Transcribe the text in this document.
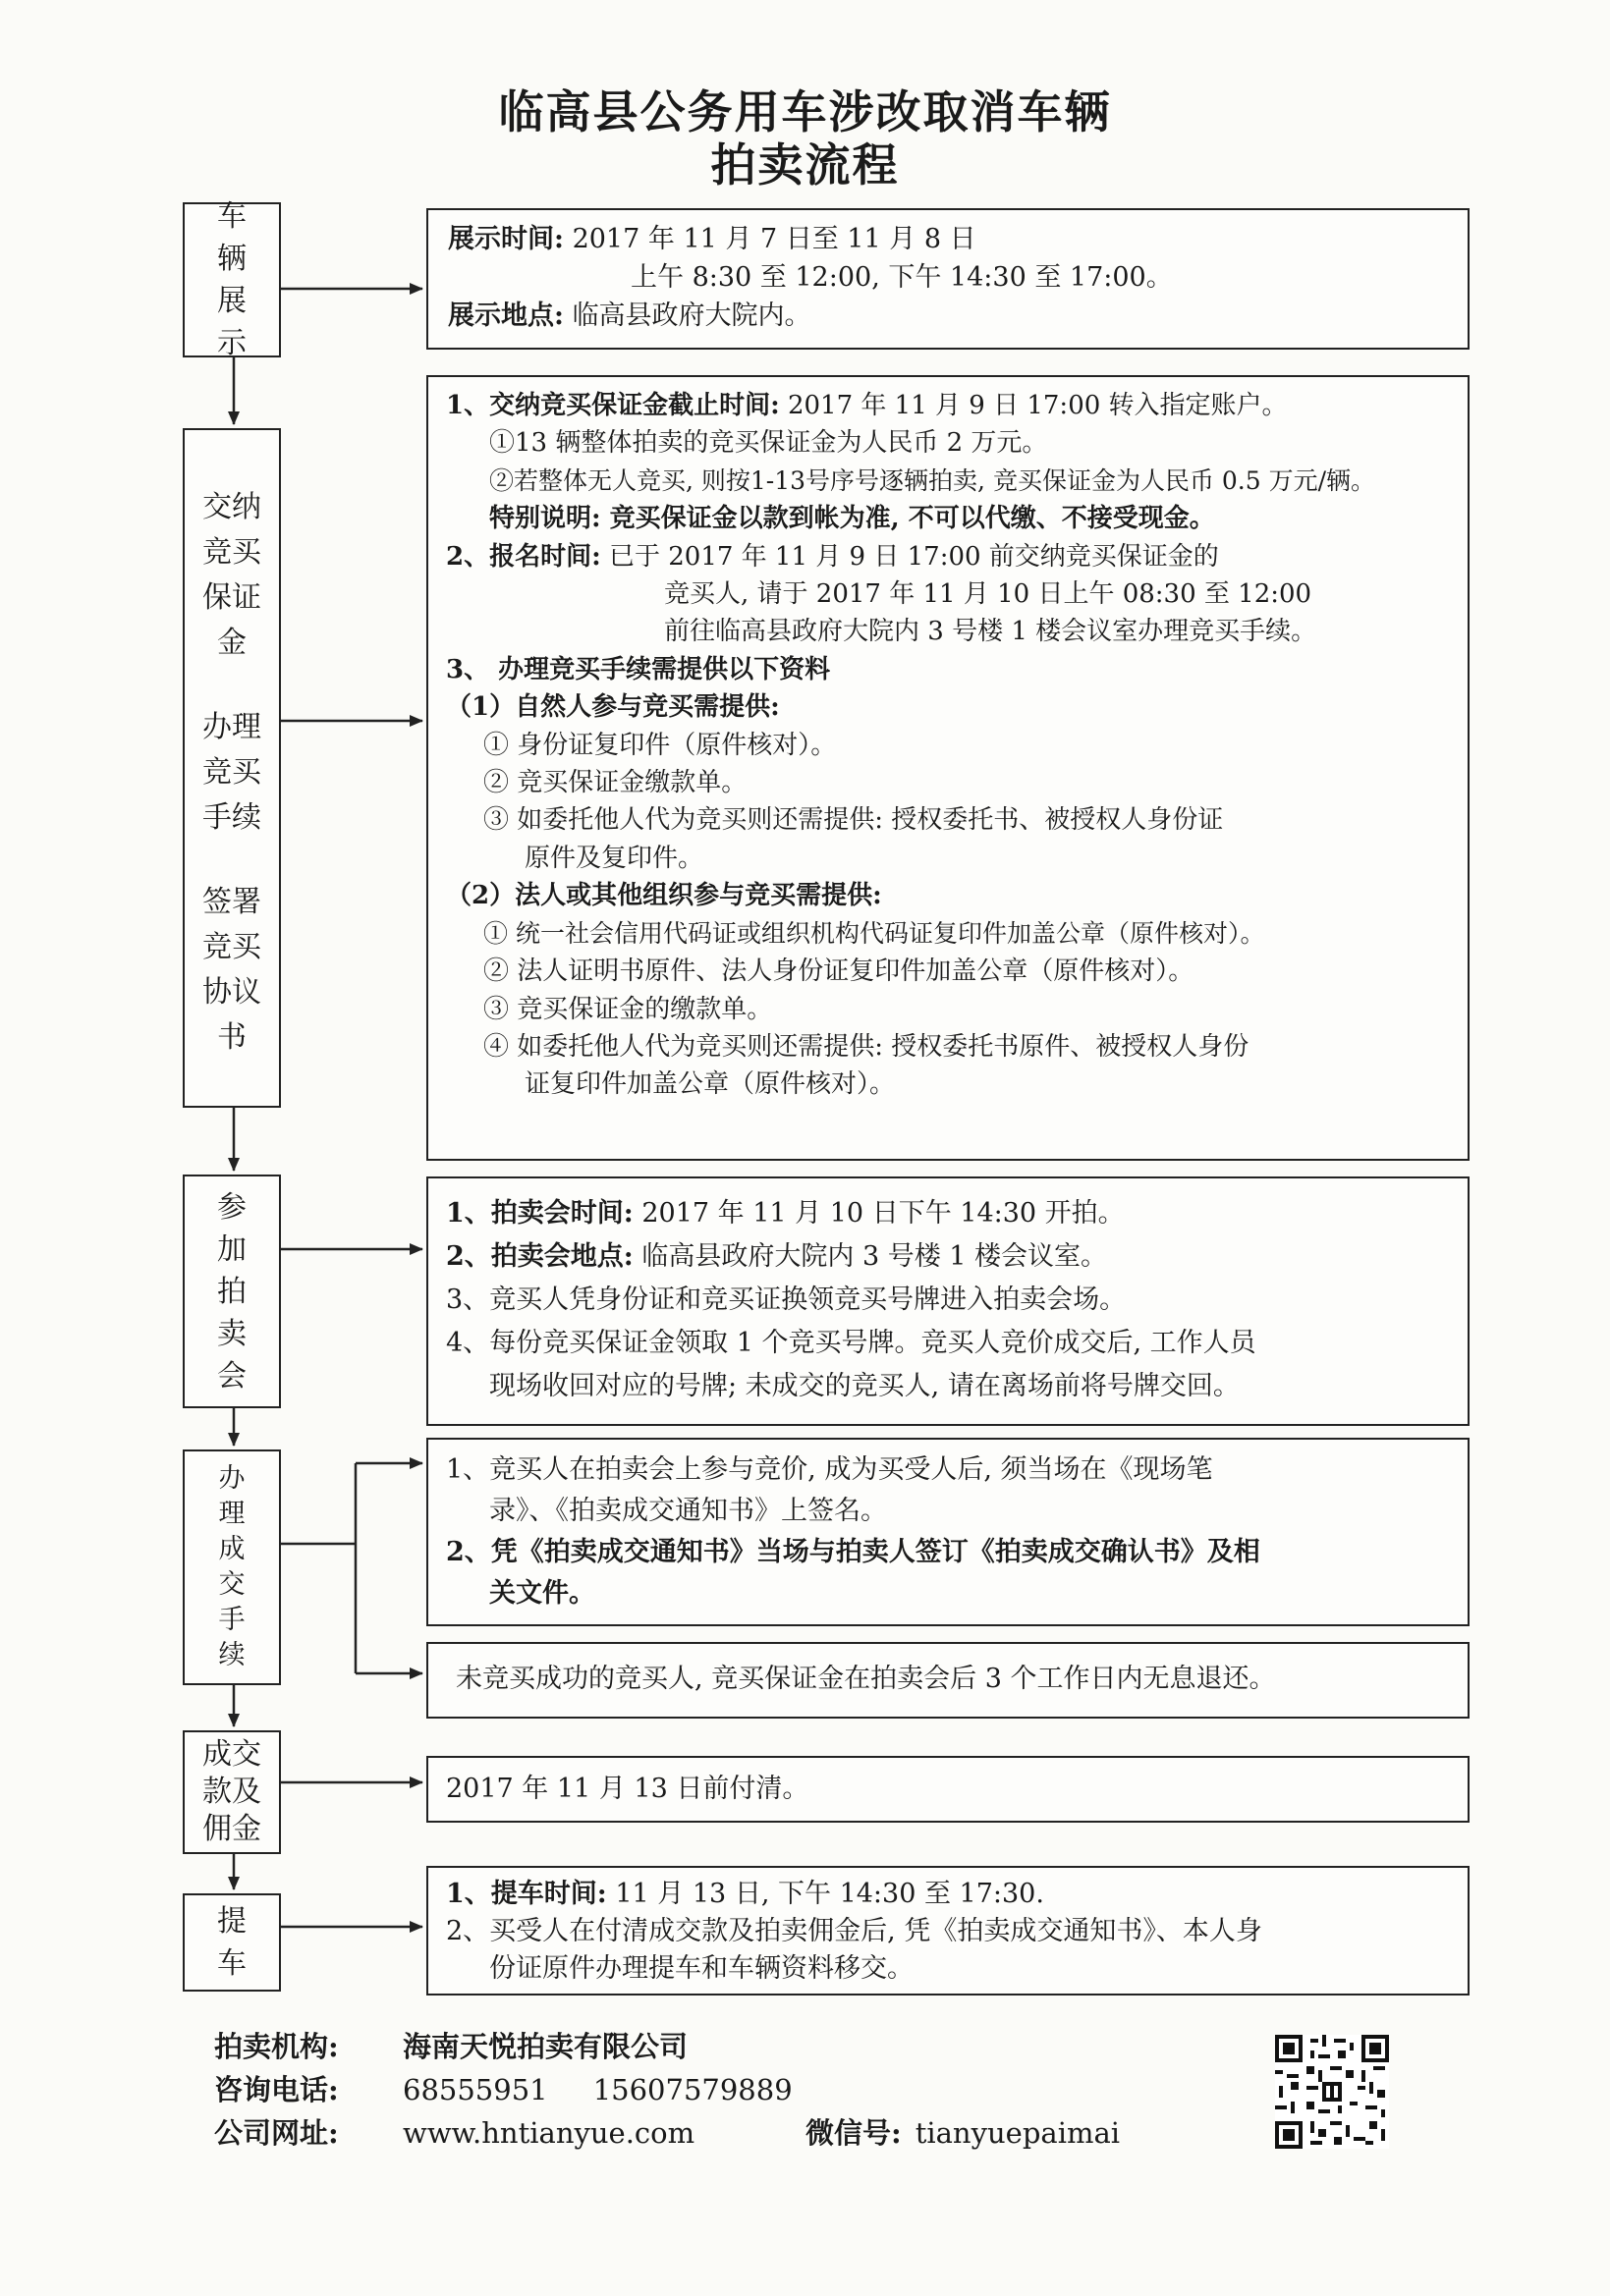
临高县公务用车涉改取消车辆
拍卖流程
车
辆
展
示
交纳
竞买
保证
金
办理
竞买
手续
签署
竞买
协议
书
参
加
拍
卖
会
办
理
成
交
手
续
成交
款及
佣金
提
车
展示时间: 2017 年 11 月 7 日至 11 月 8 日
上午 8:30 至 12:00, 下午 14:30 至 17:00。
展示地点: 临高县政府大院内。
1、交纳竞买保证金截止时间: 2017 年 11 月 9 日 17:00 转入指定账户。
①13 辆整体拍卖的竞买保证金为人民币 2 万元。
②若整体无人竞买, 则按1-13号序号逐辆拍卖, 竞买保证金为人民币 0.5 万元/辆。
特别说明: 竞买保证金以款到帐为准, 不可以代缴、不接受现金。
2、报名时间: 已于 2017 年 11 月 9 日 17:00 前交纳竞买保证金的
竞买人, 请于 2017 年 11 月 10 日上午 08:30 至 12:00
前往临高县政府大院内 3 号楼 1 楼会议室办理竞买手续。
3、 办理竞买手续需提供以下资料
（1）自然人参与竞买需提供:
① 身份证复印件（原件核对）。
② 竞买保证金缴款单。
③ 如委托他人代为竞买则还需提供: 授权委托书、被授权人身份证
原件及复印件。
（2）法人或其他组织参与竞买需提供:
① 统一社会信用代码证或组织机构代码证复印件加盖公章（原件核对）。
② 法人证明书原件、法人身份证复印件加盖公章（原件核对）。
③ 竞买保证金的缴款单。
④ 如委托他人代为竞买则还需提供: 授权委托书原件、被授权人身份
证复印件加盖公章（原件核对）。
1、拍卖会时间: 2017 年 11 月 10 日下午 14:30 开拍。
2、拍卖会地点: 临高县政府大院内 3 号楼 1 楼会议室。
3、竞买人凭身份证和竞买证换领竞买号牌进入拍卖会场。
4、每份竞买保证金领取 1 个竞买号牌。竞买人竞价成交后, 工作人员
现场收回对应的号牌; 未成交的竞买人, 请在离场前将号牌交回。
1、竞买人在拍卖会上参与竞价, 成为买受人后, 须当场在《现场笔
录》、《拍卖成交通知书》上签名。
2、凭《拍卖成交通知书》当场与拍卖人签订《拍卖成交确认书》及相
关文件。
未竞买成功的竞买人, 竞买保证金在拍卖会后 3 个工作日内无息退还。
2017 年 11 月 13 日前付清。
1、提车时间: 11 月 13 日, 下午 14:30 至 17:30.
2、买受人在付清成交款及拍卖佣金后, 凭《拍卖成交通知书》、本人身
份证原件办理提车和车辆资料移交。
拍卖机构: 海南天悦拍卖有限公司
咨询电话: 68555951     15607579889
公司网址: www.hntianyue.com	微信号: tianyuepaimai
